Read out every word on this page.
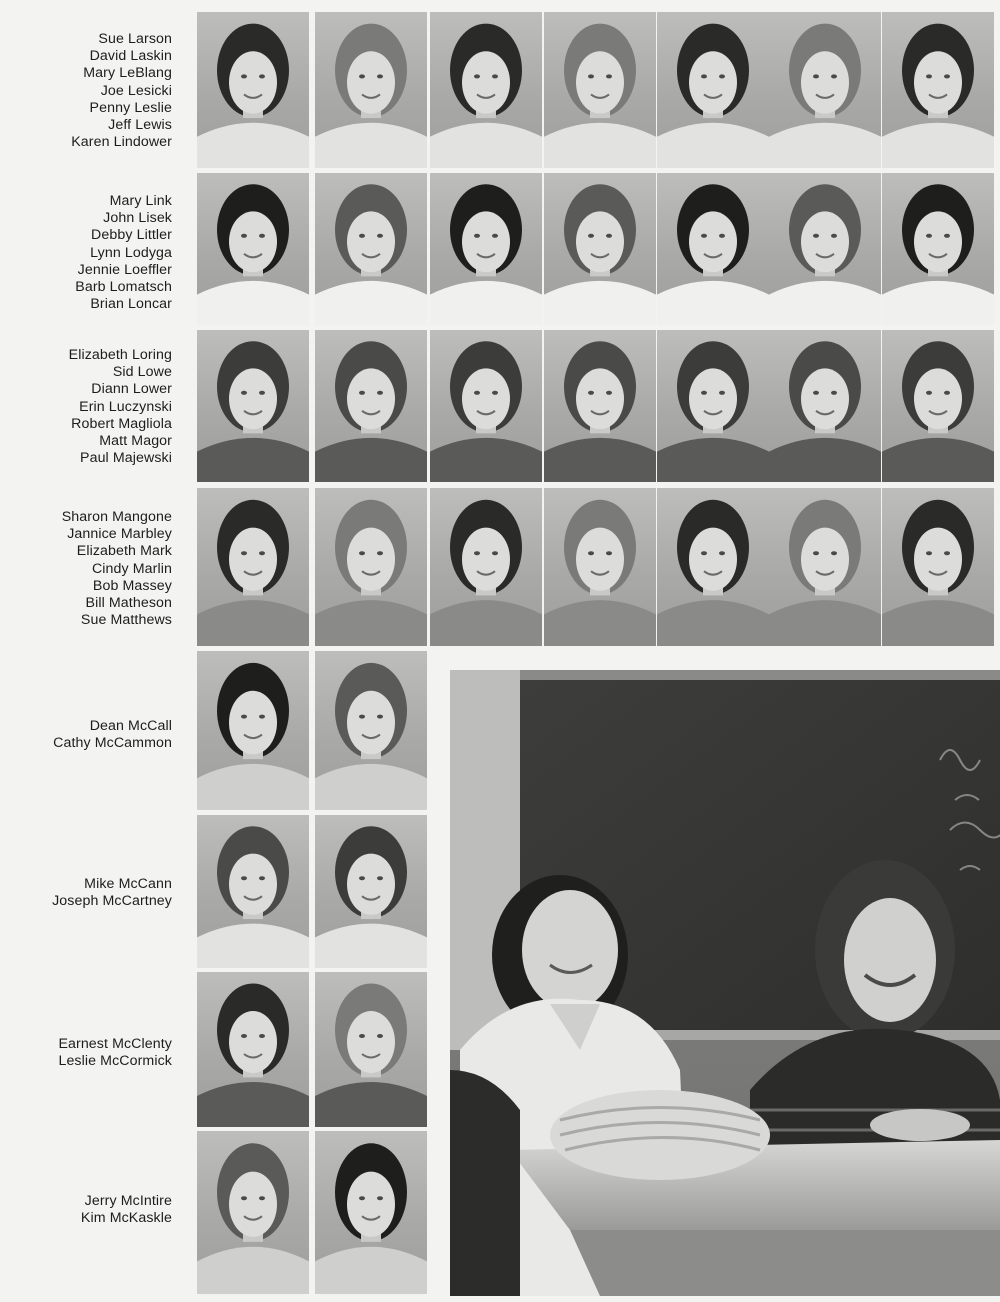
Sue Larson
David Laskin
Mary LeBlang
Joe Lesicki
Penny Leslie
Jeff Lewis
Karen Lindower
Mary Link
John Lisek
Debby Littler
Lynn Lodyga
Jennie Loeffler
Barb Lomatsch
Brian Loncar
Elizabeth Loring
Sid Lowe
Diann Lower
Erin Luczynski
Robert Magliola
Matt Magor
Paul Majewski
Sharon Mangone
Jannice Marbley
Elizabeth Mark
Cindy Marlin
Bob Massey
Bill Matheson
Sue Matthews
Dean McCall
Cathy McCammon
Mike McCann
Joseph McCartney
Earnest McClenty
Leslie McCormick
Jerry McIntire
Kim McKaskle
